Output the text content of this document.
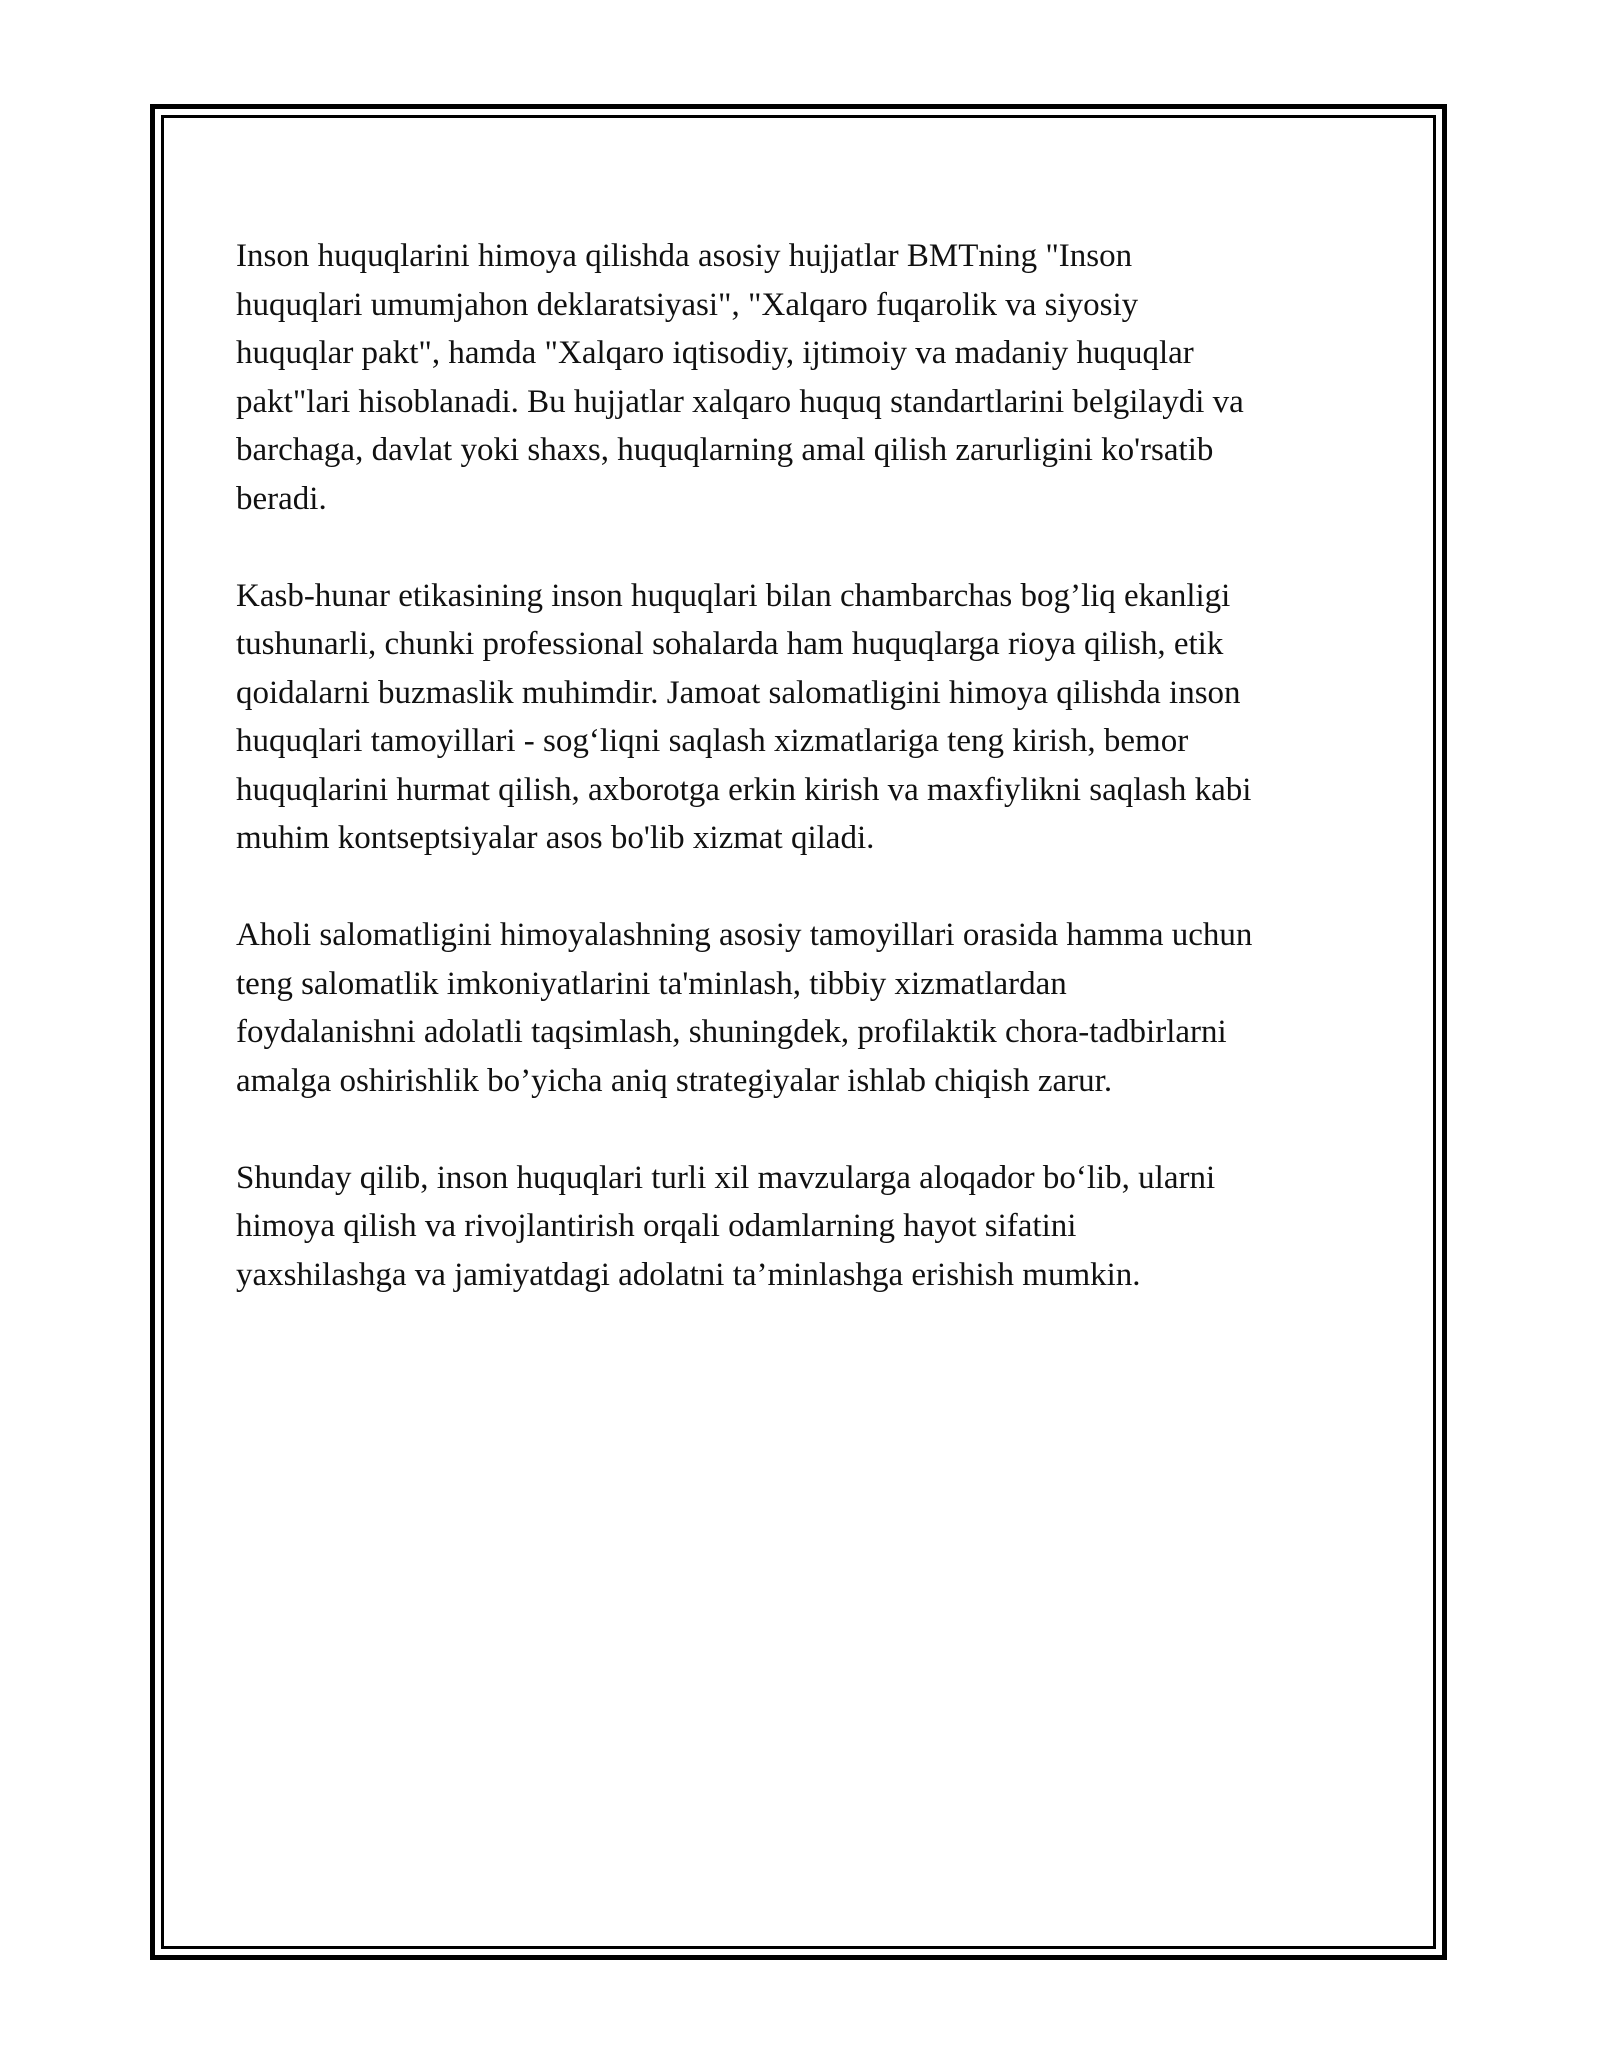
Inson huquqlarini himoya qilishda asosiy hujjatlar BMTning "Inson
huquqlari umumjahon deklaratsiyasi", "Xalqaro fuqarolik va siyosiy
huquqlar pakt", hamda "Xalqaro iqtisodiy, ijtimoiy va madaniy huquqlar
pakt"lari hisoblanadi. Bu hujjatlar xalqaro huquq standartlarini belgilaydi va
barchaga, davlat yoki shaxs, huquqlarning amal qilish zarurligini ko'rsatib
beradi.

Kasb-hunar etikasining inson huquqlari bilan chambarchas bog’liq ekanligi
tushunarli, chunki professional sohalarda ham huquqlarga rioya qilish, etik
qoidalarni buzmaslik muhimdir. Jamoat salomatligini himoya qilishda inson
huquqlari tamoyillari - sog‘liqni saqlash xizmatlariga teng kirish, bemor
huquqlarini hurmat qilish, axborotga erkin kirish va maxfiylikni saqlash kabi
muhim kontseptsiyalar asos bo'lib xizmat qiladi.

Aholi salomatligini himoyalashning asosiy tamoyillari orasida hamma uchun
teng salomatlik imkoniyatlarini ta'minlash, tibbiy xizmatlardan
foydalanishni adolatli taqsimlash, shuningdek, profilaktik chora-tadbirlarni
amalga oshirishlik bo’yicha aniq strategiyalar ishlab chiqish zarur.

Shunday qilib, inson huquqlari turli xil mavzularga aloqador bo‘lib, ularni
himoya qilish va rivojlantirish orqali odamlarning hayot sifatini
yaxshilashga va jamiyatdagi adolatni ta’minlashga erishish mumkin.
